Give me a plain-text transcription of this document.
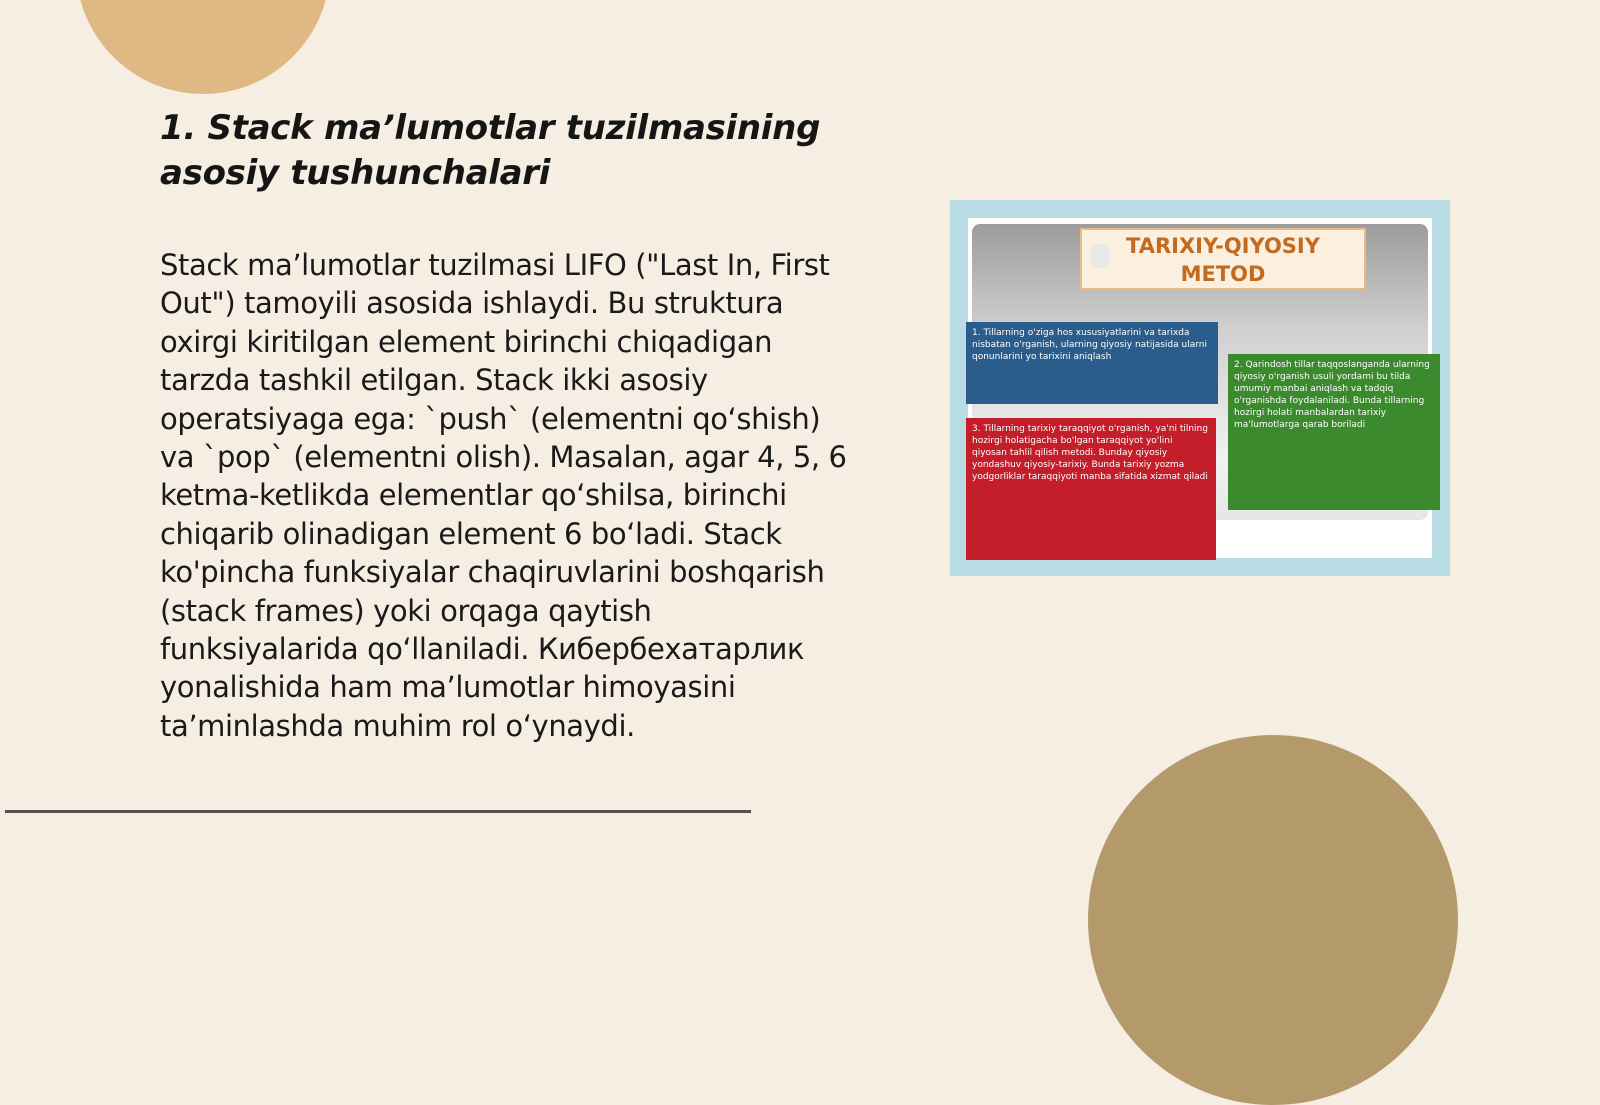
1. Stack ma’lumotlar tuzilmasining asosiy tushunchalari

Stack ma’lumotlar tuzilmasi LIFO ("Last In, First Out") tamoyili asosida ishlaydi. Bu struktura oxirgi kiritilgan element birinchi chiqadigan tarzda tashkil etilgan. Stack ikki asosiy operatsiyaga ega: `push` (elementni qo‘shish) va `pop` (elementni olish). Masalan, agar 4, 5, 6 ketma-ketlikda elementlar qo‘shilsa, birinchi chiqarib olinadigan element 6 bo‘ladi. Stack ko'pincha funksiyalar chaqiruvlarini boshqarish (stack frames) yoki orqaga qaytish funksiyalarida qo‘llaniladi. Кибербехатарлик yonalishida ham ma’lumotlar himoyasini ta’minlashda muhim rol o‘ynaydi.

TARIXIY-QIYOSIY METOD
1. Tillarning o'zigа hos xususiyatlarini va tarixda nisbatan o'rganish, ularning qiyosiy natijasida ularni qonunlarini yo tarixini aniqlash
3. Tillarning tarixiy taraqqiyot o'rganish, ya'ni tilning hozirgi holatigacha bo'lgan taraqqiyot yo'lini qiyosan tahlil qilish metodi. Bunday qiyosiy yondashuv qiyosiy-tarixiy. Bunda tarixiy yozma yodgorliklar taraqqiyoti manba sifatida xizmat qiladi
2. Qarindosh tillar taqqoslanganda ularning qiyosiy o'rganish usuli yordami bu tilda umumiy manbai aniqlash va tadqiq o'rganishda foydalaniladi. Bunda tillarning hozirgi holati manbalardan tarixiy ma'lumotlarga qarab boriladi
